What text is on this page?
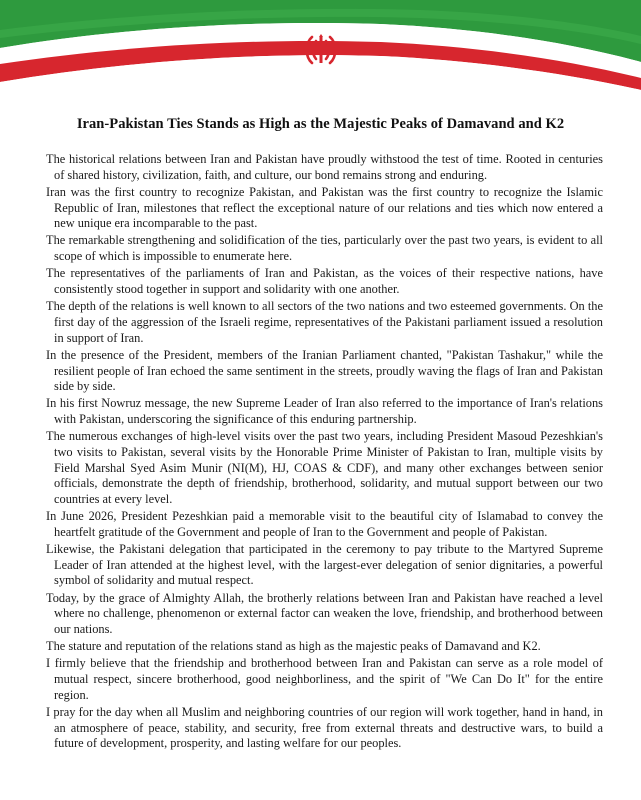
Iran-Pakistan Ties Stands as High as the Majestic Peaks of Damavand and K2

The historical relations between Iran and Pakistan have proudly withstood the test of time. Rooted in centuries of shared history, civilization, faith, and culture, our bond remains strong and enduring.

Iran was the first country to recognize Pakistan, and Pakistan was the first country to recognize the Islamic Republic of Iran, milestones that reflect the exceptional nature of our relations and ties which now entered a new unique era incomparable to the past.

The remarkable strengthening and solidification of the ties, particularly over the past two years, is evident to all scope of which is impossible to enumerate here.

The representatives of the parliaments of Iran and Pakistan, as the voices of their respective nations, have consistently stood together in support and solidarity with one another.

The depth of the relations is well known to all sectors of the two nations and two esteemed governments. On the first day of the aggression of the Israeli regime, representatives of the Pakistani parliament issued a resolution in support of Iran.

In the presence of the President, members of the Iranian Parliament chanted, "Pakistan Tashakur," while the resilient people of Iran echoed the same sentiment in the streets, proudly waving the flags of Iran and Pakistan side by side.

In his first Nowruz message, the new Supreme Leader of Iran also referred to the importance of Iran's relations with Pakistan, underscoring the significance of this enduring partnership.

The numerous exchanges of high-level visits over the past two years, including President Masoud Pezeshkian's two visits to Pakistan, several visits by the Honorable Prime Minister of Pakistan to Iran, multiple visits by Field Marshal Syed Asim Munir (NI(M), HJ, COAS & CDF), and many other exchanges between senior officials, demonstrate the depth of friendship, brotherhood, solidarity, and mutual support between our two countries at every level.

In June 2026, President Pezeshkian paid a memorable visit to the beautiful city of Islamabad to convey the heartfelt gratitude of the Government and people of Iran to the Government and people of Pakistan.

Likewise, the Pakistani delegation that participated in the ceremony to pay tribute to the Martyred Supreme Leader of Iran attended at the highest level, with the largest-ever delegation of senior dignitaries, a powerful symbol of solidarity and mutual respect.

Today, by the grace of Almighty Allah, the brotherly relations between Iran and Pakistan have reached a level where no challenge, phenomenon or external factor can weaken the love, friendship, and brotherhood between our nations.

The stature and reputation of the relations stand as high as the majestic peaks of Damavand and K2.

I firmly believe that the friendship and brotherhood between Iran and Pakistan can serve as a role model of mutual respect, sincere brotherhood, good neighborliness, and the spirit of "We Can Do It" for the entire region.

I pray for the day when all Muslim and neighboring countries of our region will work together, hand in hand, in an atmosphere of peace, stability, and security, free from external threats and destructive wars, to build a future of development, prosperity, and lasting welfare for our peoples.
